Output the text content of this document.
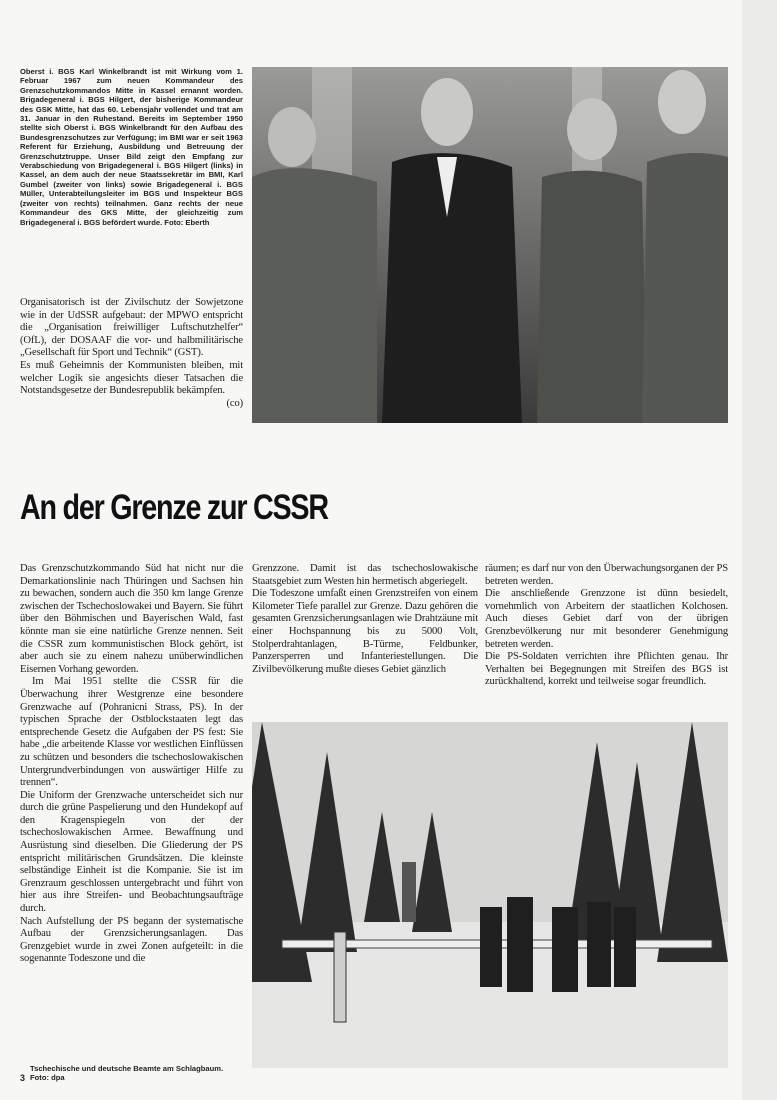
Oberst i. BGS Karl Winkelbrandt ist mit Wirkung vom 1. Februar 1967 zum neuen Kommandeur des Grenzschutzkommandos Mitte in Kassel ernannt worden. Brigadegeneral i. BGS Hilgert, der bisherige Kommandeur des GSK Mitte, hat das 60. Lebensjahr vollendet und trat am 31. Januar in den Ruhestand. Bereits im September 1950 stellte sich Oberst i. BGS Winkelbrandt für den Aufbau des Bundesgrenzschutzes zur Verfügung; im BMI war er seit 1963 Referent für Erziehung, Ausbildung und Betreuung der Grenzschutztruppe. Unser Bild zeigt den Empfang zur Verabschiedung von Brigadegeneral i. BGS Hilgert (links) in Kassel, an dem auch der neue Staatssekretär im BMI, Karl Gumbel (zweiter von links) sowie Brigadegeneral i. BGS Müller, Unterabteilungsleiter im BGS und Inspekteur BGS (zweiter von rechts) teilnahmen. Ganz rechts der neue Kommandeur des GKS Mitte, der gleichzeitig zum Brigadegeneral i. BGS befördert wurde. Foto: Eberth

Organisatorisch ist der Zivilschutz der Sowjetzone wie in der UdSSR aufgebaut: der MPWO entspricht die „Organisation freiwilliger Luftschutzhelfer“ (OfL), der DOSAAF die vor- und halbmilitärische „Gesellschaft für Sport und Technik“ (GST).

Es muß Geheimnis der Kommunisten bleiben, mit welcher Logik sie angesichts dieser Tatsachen die Notstandsgesetze der Bundesrepublik bekämpfen.

(co)

An der Grenze zur CSSR

Das Grenzschutzkommando Süd hat nicht nur die Demarkationslinie nach Thüringen und Sachsen hin zu bewachen, sondern auch die 350 km lange Grenze zwischen der Tschechoslowakei und Bayern. Sie führt über den Böhmischen und Bayerischen Wald, fast könnte man sie eine natürliche Grenze nennen. Seit die CSSR zum kommunistischen Block gehört, ist aber auch sie zu einem nahezu unüberwindlichen Eisernen Vorhang geworden.

Im Mai 1951 stellte die CSSR für die Überwachung ihrer Westgrenze eine besondere Grenzwache auf (Pohranicni Strass, PS). In der typischen Sprache der Ostblockstaaten legt das entsprechende Gesetz die Aufgaben der PS fest: Sie habe „die arbeitende Klasse vor westlichen Einflüssen zu schützen und besonders die tschechoslowakischen Untergrundverbindungen von auswärtiger Hilfe zu trennen“.

Die Uniform der Grenzwache unterscheidet sich nur durch die grüne Paspelierung und den Hundekopf auf den Kragenspiegeln von der der tschechoslowakischen Armee. Bewaffnung und Ausrüstung sind dieselben. Die Gliederung der PS entspricht militärischen Grundsätzen. Die kleinste selbständige Einheit ist die Kompanie. Sie ist im Grenzraum geschlossen untergebracht und führt von hier aus ihre Streifen- und Beobachtungsaufträge durch.

Nach Aufstellung der PS begann der systematische Aufbau der Grenzsicherungsanlagen. Das Grenzgebiet wurde in zwei Zonen aufgeteilt: in die sogenannte Todeszone und die

Grenzzone. Damit ist das tschechoslowakische Staatsgebiet zum Westen hin hermetisch abgeriegelt.

Die Todeszone umfaßt einen Grenzstreifen von einem Kilometer Tiefe parallel zur Grenze. Dazu gehören die gesamten Grenzsicherungsanlagen wie Drahtzäune mit einer Hochspannung bis zu 5000 Volt, Stolperdrahtanlagen, B-Türme, Feldbunker, Panzersperren und Infanteriestellungen. Die Zivilbevölkerung mußte dieses Gebiet gänzlich

räumen; es darf nur von den Überwachungsorganen der PS betreten werden.

Die anschließende Grenzzone ist dünn besiedelt, vornehmlich von Arbeitern der staatlichen Kolchosen. Auch dieses Gebiet darf von der übrigen Grenzbevölkerung nur mit besonderer Genehmigung betreten werden.

Die PS-Soldaten verrichten ihre Pflichten genau. Ihr Verhalten bei Begegnungen mit Streifen des BGS ist zurückhaltend, korrekt und teilweise sogar freundlich.

3
Tschechische und deutsche Beamte am Schlagbaum.
Foto: dpa
